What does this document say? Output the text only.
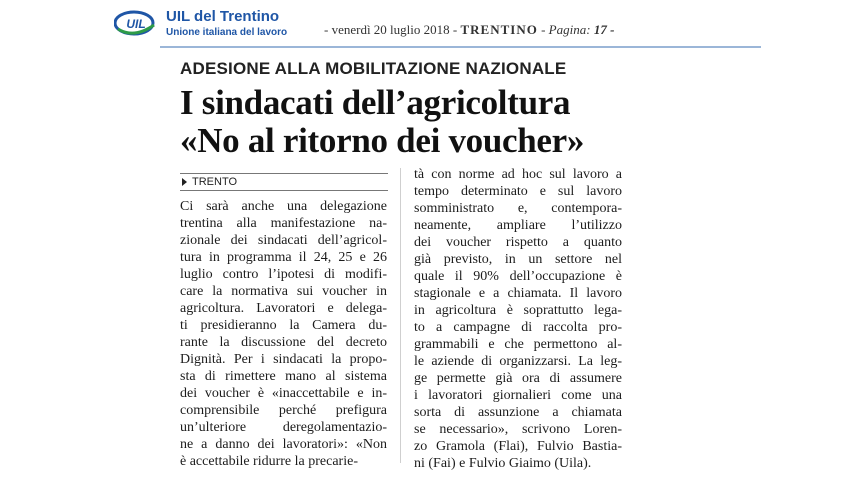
UIL UIL del Trentino
Unione italiana del lavoro	- venerdì 20 luglio 2018 - TRENTINO - Pagina: 17 -
ADESIONE ALLA MOBILITAZIONE NAZIONALE
I sindacati dell’agricoltura
«No al ritorno dei voucher»
TRENTO
Ci sarà anche una delegazione
trentina alla manifestazione na-
zionale dei sindacati dell’agricol-
tura in programma il 24, 25 e 26
luglio contro l’ipotesi di modifi-
care la normativa sui voucher in
agricoltura. Lavoratori e delega-
ti presidieranno la Camera du-
rante la discussione del decreto
Dignità. Per i sindacati la propo-
sta di rimettere mano al sistema
dei voucher è «inaccettabile e in-
comprensibile perché prefigura
un’ulteriore deregolamentazio-
ne a danno dei lavoratori»: «Non
è accettabile ridurre la precarie-
tà con norme ad hoc sul lavoro a
tempo determinato e sul lavoro
somministrato e, contempora-
neamente, ampliare l’utilizzo
dei voucher rispetto a quanto
già previsto, in un settore nel
quale il 90% dell’occupazione è
stagionale e a chiamata. Il lavoro
in agricoltura è soprattutto lega-
to a campagne di raccolta pro-
grammabili e che permettono al-
le aziende di organizzarsi. La leg-
ge permette già ora di assumere
i lavoratori giornalieri come una
sorta di assunzione a chiamata
se necessario», scrivono Loren-
zo Gramola (Flai), Fulvio Bastia-
ni (Fai) e Fulvio Giaimo (Uila).
